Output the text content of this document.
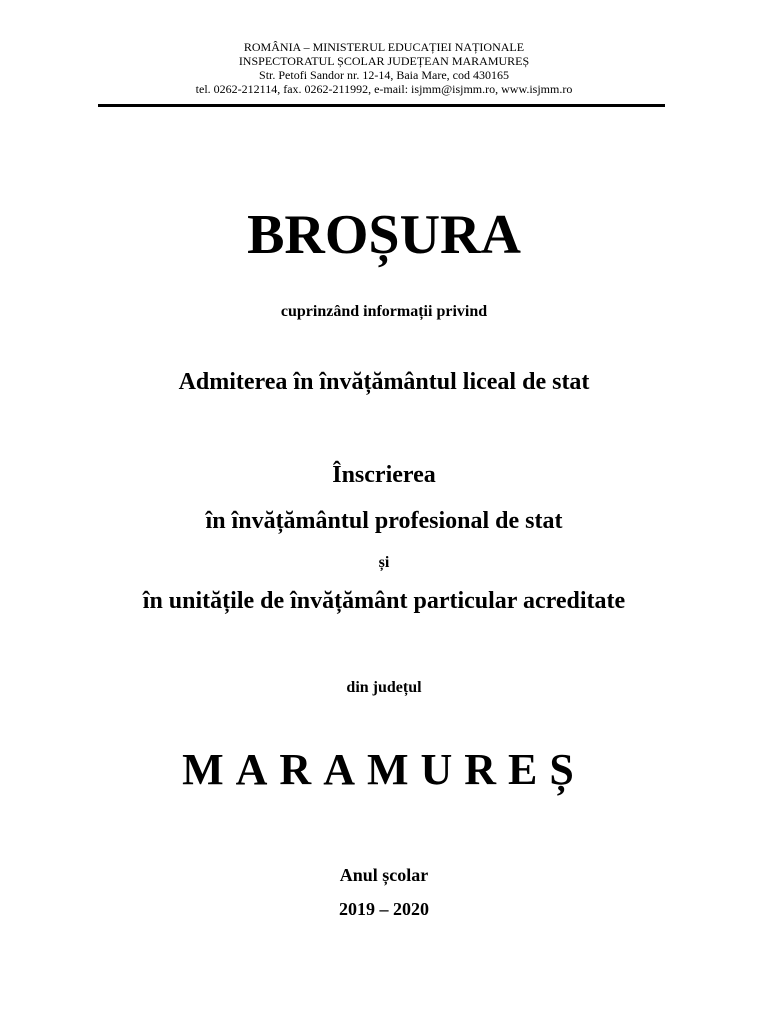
ROMÂNIA – MINISTERUL EDUCAȚIEI NAȚIONALE
INSPECTORATUL ȘCOLAR JUDEȚEAN MARAMUREȘ
Str. Petofi Sandor nr. 12-14, Baia Mare, cod 430165
tel. 0262-212114, fax. 0262-211992, e-mail: isjmm@isjmm.ro, www.isjmm.ro
BROȘURA
cuprinzând informații privind
Admiterea în învățământul liceal de stat
Înscrierea
în învățământul profesional de stat
și
în unitățile de învățământ particular acreditate
din județul
MARAMUREȘ
Anul școlar
2019 – 2020
